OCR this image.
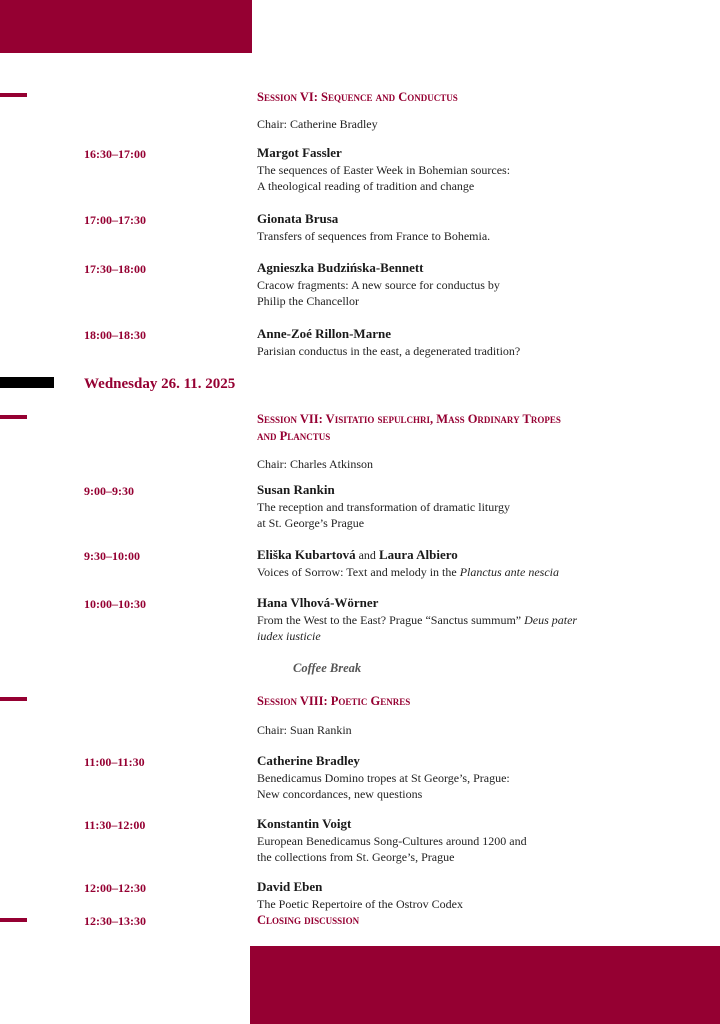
Session VI: Sequence and Conductus
Chair: Catherine Bradley
16:30–17:00	Margot Fassler
The sequences of Easter Week in Bohemian sources:
A theological reading of tradition and change
17:00–17:30	Gionata Brusa
Transfers of sequences from France to Bohemia.
17:30–18:00	Agnieszka Budzińska-Bennett
Cracow fragments: A new source for conductus by
Philip the Chancellor
18:00–18:30	Anne-Zoé Rillon-Marne
Parisian conductus in the east, a degenerated tradition?
Wednesday 26. 11. 2025
Session VII: Visitatio sepulchri, Mass Ordinary Tropes
and Planctus
Chair: Charles Atkinson
9:00–9:30	Susan Rankin
The reception and transformation of dramatic liturgy
at St. George’s Prague
9:30–10:00	Eliška Kubartová and Laura Albiero
Voices of Sorrow: Text and melody in the Planctus ante nescia
10:00–10:30	Hana Vlhová-Wörner
From the West to the East? Prague “Sanctus summum” Deus pater
iudex iusticie
Coffee Break
Session VIII: Poetic Genres
Chair: Suan Rankin
11:00–11:30	Catherine Bradley
Benedicamus Domino tropes at St George’s, Prague:
New concordances, new questions
11:30–12:00	Konstantin Voigt
European Benedicamus Song-Cultures around 1200 and
the collections from St. George’s, Prague
12:00–12:30	David Eben
The Poetic Repertoire of the Ostrov Codex
12:30–13:30	Closing discussion
